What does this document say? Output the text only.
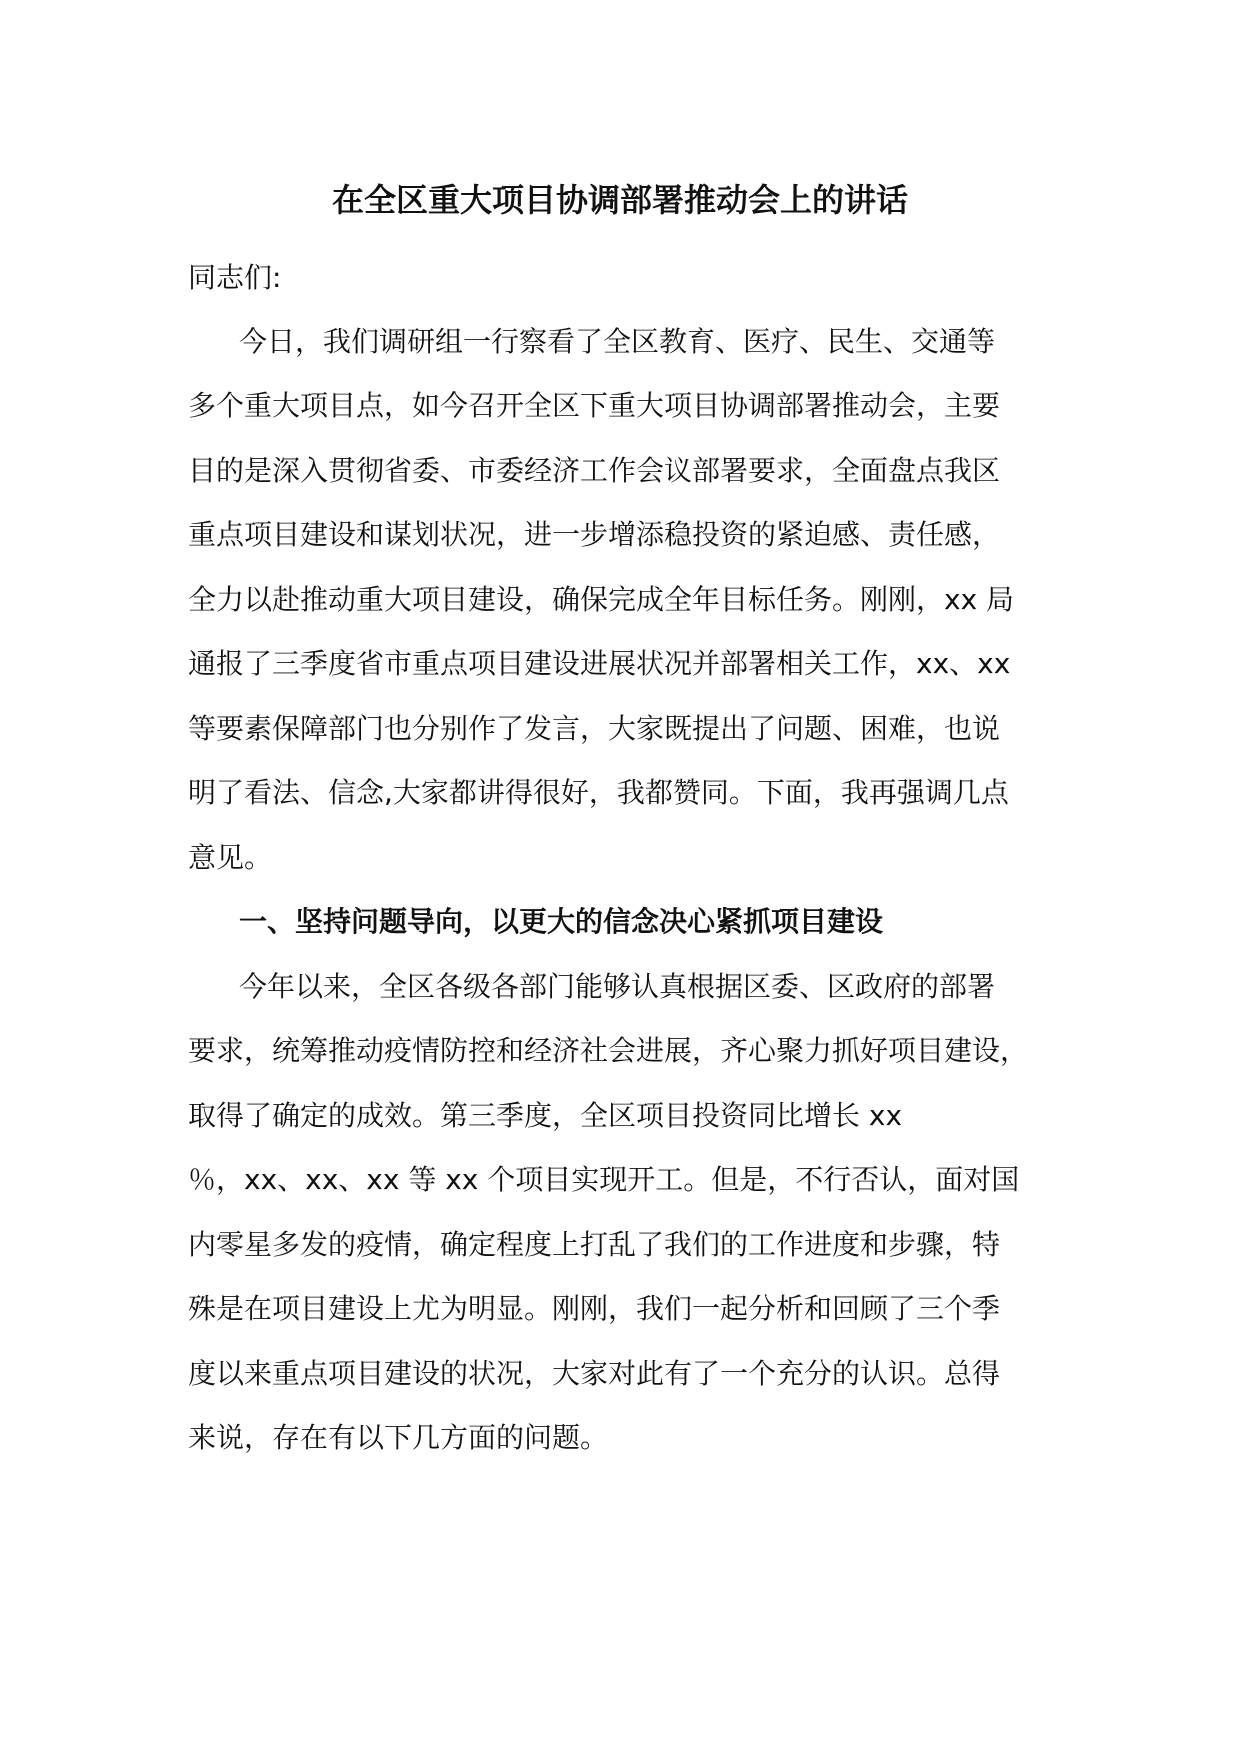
在全区重大项目协调部署推动会上的讲话
同志们:
今日，我们调研组一行察看了全区教育、医疗、民生、交通等
多个重大项目点，如今召开全区下重大项目协调部署推动会，主要
目的是深入贯彻省委、市委经济工作会议部署要求，全面盘点我区
重点项目建设和谋划状况，进一步增添稳投资的紧迫感、责任感，
全力以赴推动重大项目建设，确保完成全年目标任务。刚刚，xx 局
通报了三季度省市重点项目建设进展状况并部署相关工作，xx、xx
等要素保障部门也分别作了发言，大家既提出了问题、困难，也说
明了看法、信念,大家都讲得很好，我都赞同。下面，我再强调几点
意见。
一、坚持问题导向，以更大的信念决心紧抓项目建设
今年以来，全区各级各部门能够认真根据区委、区政府的部署
要求，统筹推动疫情防控和经济社会进展，齐心聚力抓好项目建设，
取得了确定的成效。第三季度，全区项目投资同比增长 xx
％，xx、xx、xx 等 xx 个项目实现开工。但是，不行否认，面对国
内零星多发的疫情，确定程度上打乱了我们的工作进度和步骤，特
殊是在项目建设上尤为明显。刚刚，我们一起分析和回顾了三个季
度以来重点项目建设的状况，大家对此有了一个充分的认识。总得
来说，存在有以下几方面的问题。
